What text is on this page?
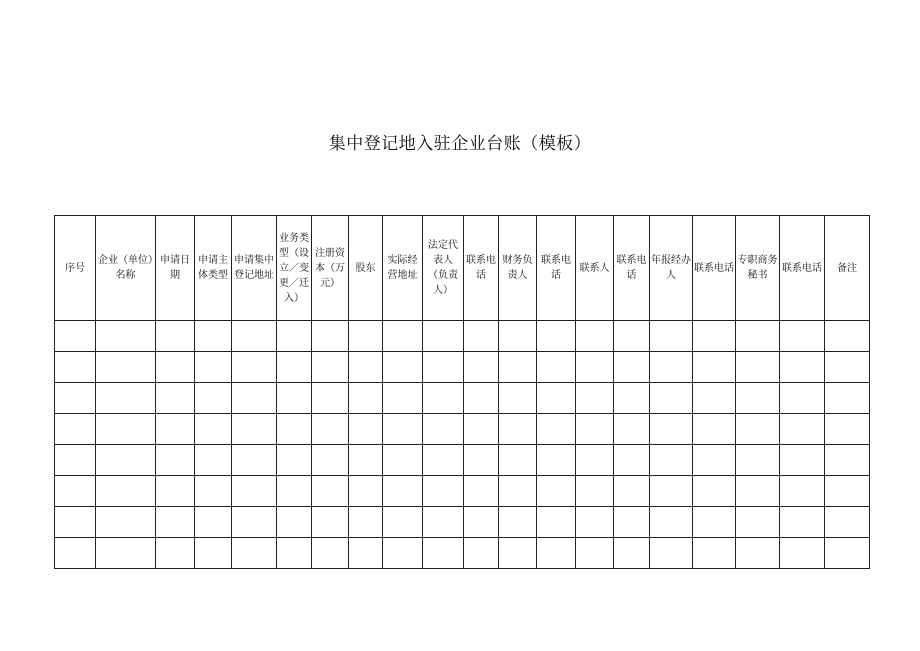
集中登记地入驻企业台账（模板）
序号	企业（单位）名称	申请日期	申请主体类型	申请集中登记地址	业务类型（设立／变更／迁入）	注册资本（万元）	股东	实际经营地址	法定代表人（负责人）	联系电话	财务负责人	联系电话	联系人	联系电话	年报经办人	联系电话	专职商务秘书	联系电话	备注
